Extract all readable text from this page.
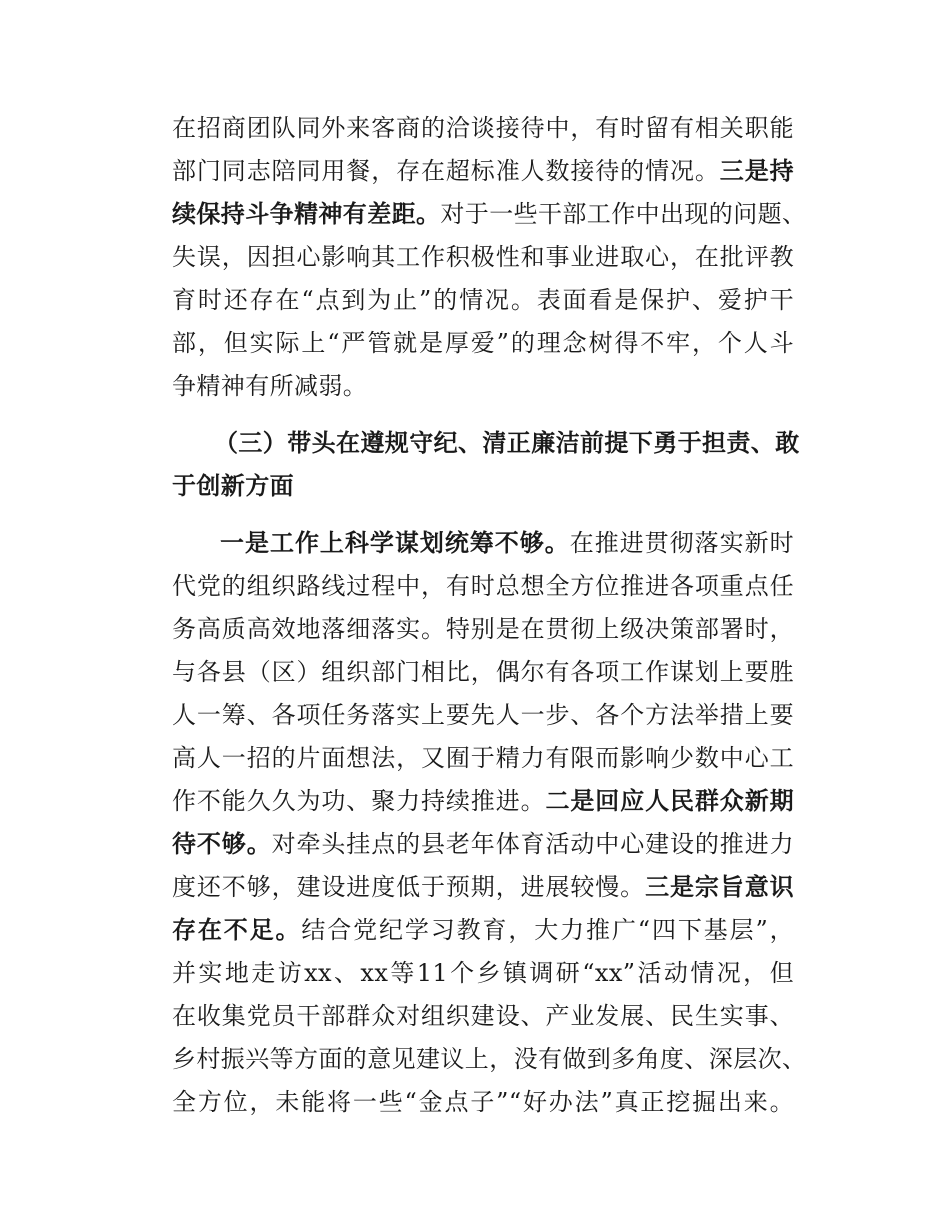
在招商团队同外来客商的洽谈接待中，有时留有相关职能
部门同志陪同用餐，存在超标准人数接待的情况。三是持
续保持斗争精神有差距。对于一些干部工作中出现的问题、
失误，因担心影响其工作积极性和事业进取心，在批评教
育时还存在“点到为止”的情况。表面看是保护、爱护干
部，但实际上“严管就是厚爱”的理念树得不牢，个人斗
争精神有所减弱。
（三）带头在遵规守纪、清正廉洁前提下勇于担责、敢
于创新方面
一是工作上科学谋划统筹不够。在推进贯彻落实新时
代党的组织路线过程中，有时总想全方位推进各项重点任
务高质高效地落细落实。特别是在贯彻上级决策部署时，
与各县（区）组织部门相比，偶尔有各项工作谋划上要胜
人一筹、各项任务落实上要先人一步、各个方法举措上要
高人一招的片面想法，又囿于精力有限而影响少数中心工
作不能久久为功、聚力持续推进。二是回应人民群众新期
待不够。对牵头挂点的县老年体育活动中心建设的推进力
度还不够，建设进度低于预期，进展较慢。三是宗旨意识
存在不足。结合党纪学习教育，大力推广“四下基层”，
并实地走访xx、xx等11个乡镇调研“xx”活动情况，但
在收集党员干部群众对组织建设、产业发展、民生实事、
乡村振兴等方面的意见建议上，没有做到多角度、深层次、
全方位，未能将一些“金点子”“好办法”真正挖掘出来。
